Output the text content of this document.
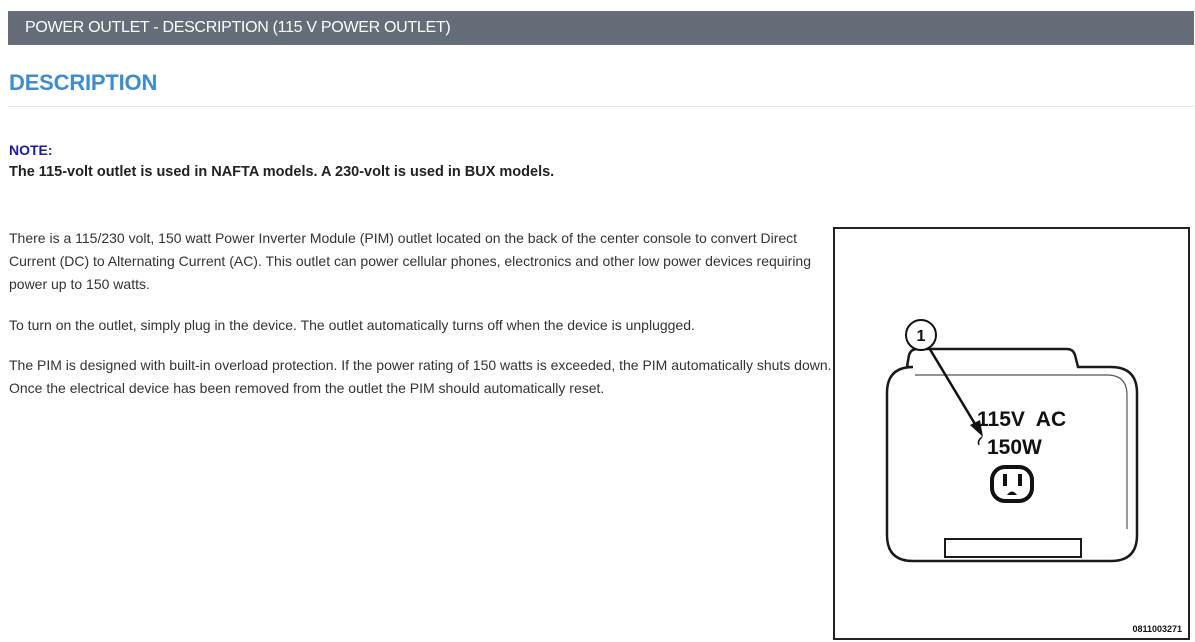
POWER OUTLET - DESCRIPTION (115 V POWER OUTLET)
DESCRIPTION
NOTE:
The 115-volt outlet is used in NAFTA models. A 230-volt is used in BUX models.

There is a 115/230 volt, 150 watt Power Inverter Module (PIM) outlet located on the back of the center console to convert Direct Current (DC) to Alternating Current (AC). This outlet can power cellular phones, electronics and other low power devices requiring power up to 150 watts.

To turn on the outlet, simply plug in the device. The outlet automatically turns off when the device is unplugged.

The PIM is designed with built-in overload protection. If the power rating of 150 watts is exceeded, the PIM automatically shuts down. Once the electrical device has been removed from the outlet the PIM should automatically reset.

1
115V  AC
150W
0811003271
